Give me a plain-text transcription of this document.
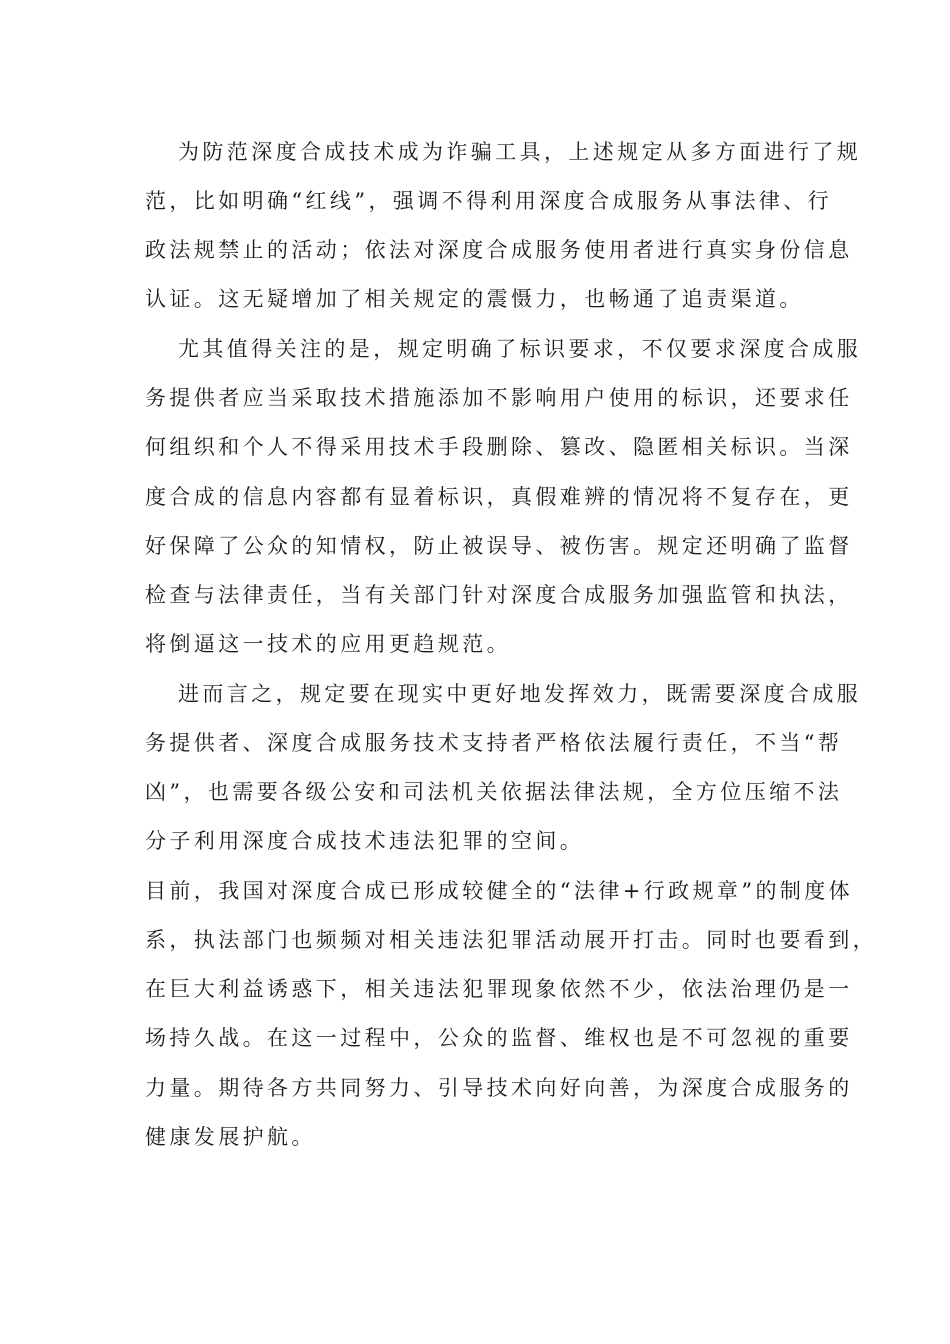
为防范深度合成技术成为诈骗工具，上述规定从多方面进行了规
范，比如明确“红线”，强调不得利用深度合成服务从事法律、行
政法规禁止的活动；依法对深度合成服务使用者进行真实身份信息
认证。这无疑增加了相关规定的震慑力，也畅通了追责渠道。
尤其值得关注的是，规定明确了标识要求，不仅要求深度合成服
务提供者应当采取技术措施添加不影响用户使用的标识，还要求任
何组织和个人不得采用技术手段删除、篡改、隐匿相关标识。当深
度合成的信息内容都有显着标识，真假难辨的情况将不复存在，更
好保障了公众的知情权，防止被误导、被伤害。规定还明确了监督
检查与法律责任，当有关部门针对深度合成服务加强监管和执法，
将倒逼这一技术的应用更趋规范。
进而言之，规定要在现实中更好地发挥效力，既需要深度合成服
务提供者、深度合成服务技术支持者严格依法履行责任，不当“帮
凶”，也需要各级公安和司法机关依据法律法规，全方位压缩不法
分子利用深度合成技术违法犯罪的空间。
目前，我国对深度合成已形成较健全的“法律+行政规章”的制度体
系，执法部门也频频对相关违法犯罪活动展开打击。同时也要看到，
在巨大利益诱惑下，相关违法犯罪现象依然不少，依法治理仍是一
场持久战。在这一过程中，公众的监督、维权也是不可忽视的重要
力量。期待各方共同努力、引导技术向好向善，为深度合成服务的
健康发展护航。
